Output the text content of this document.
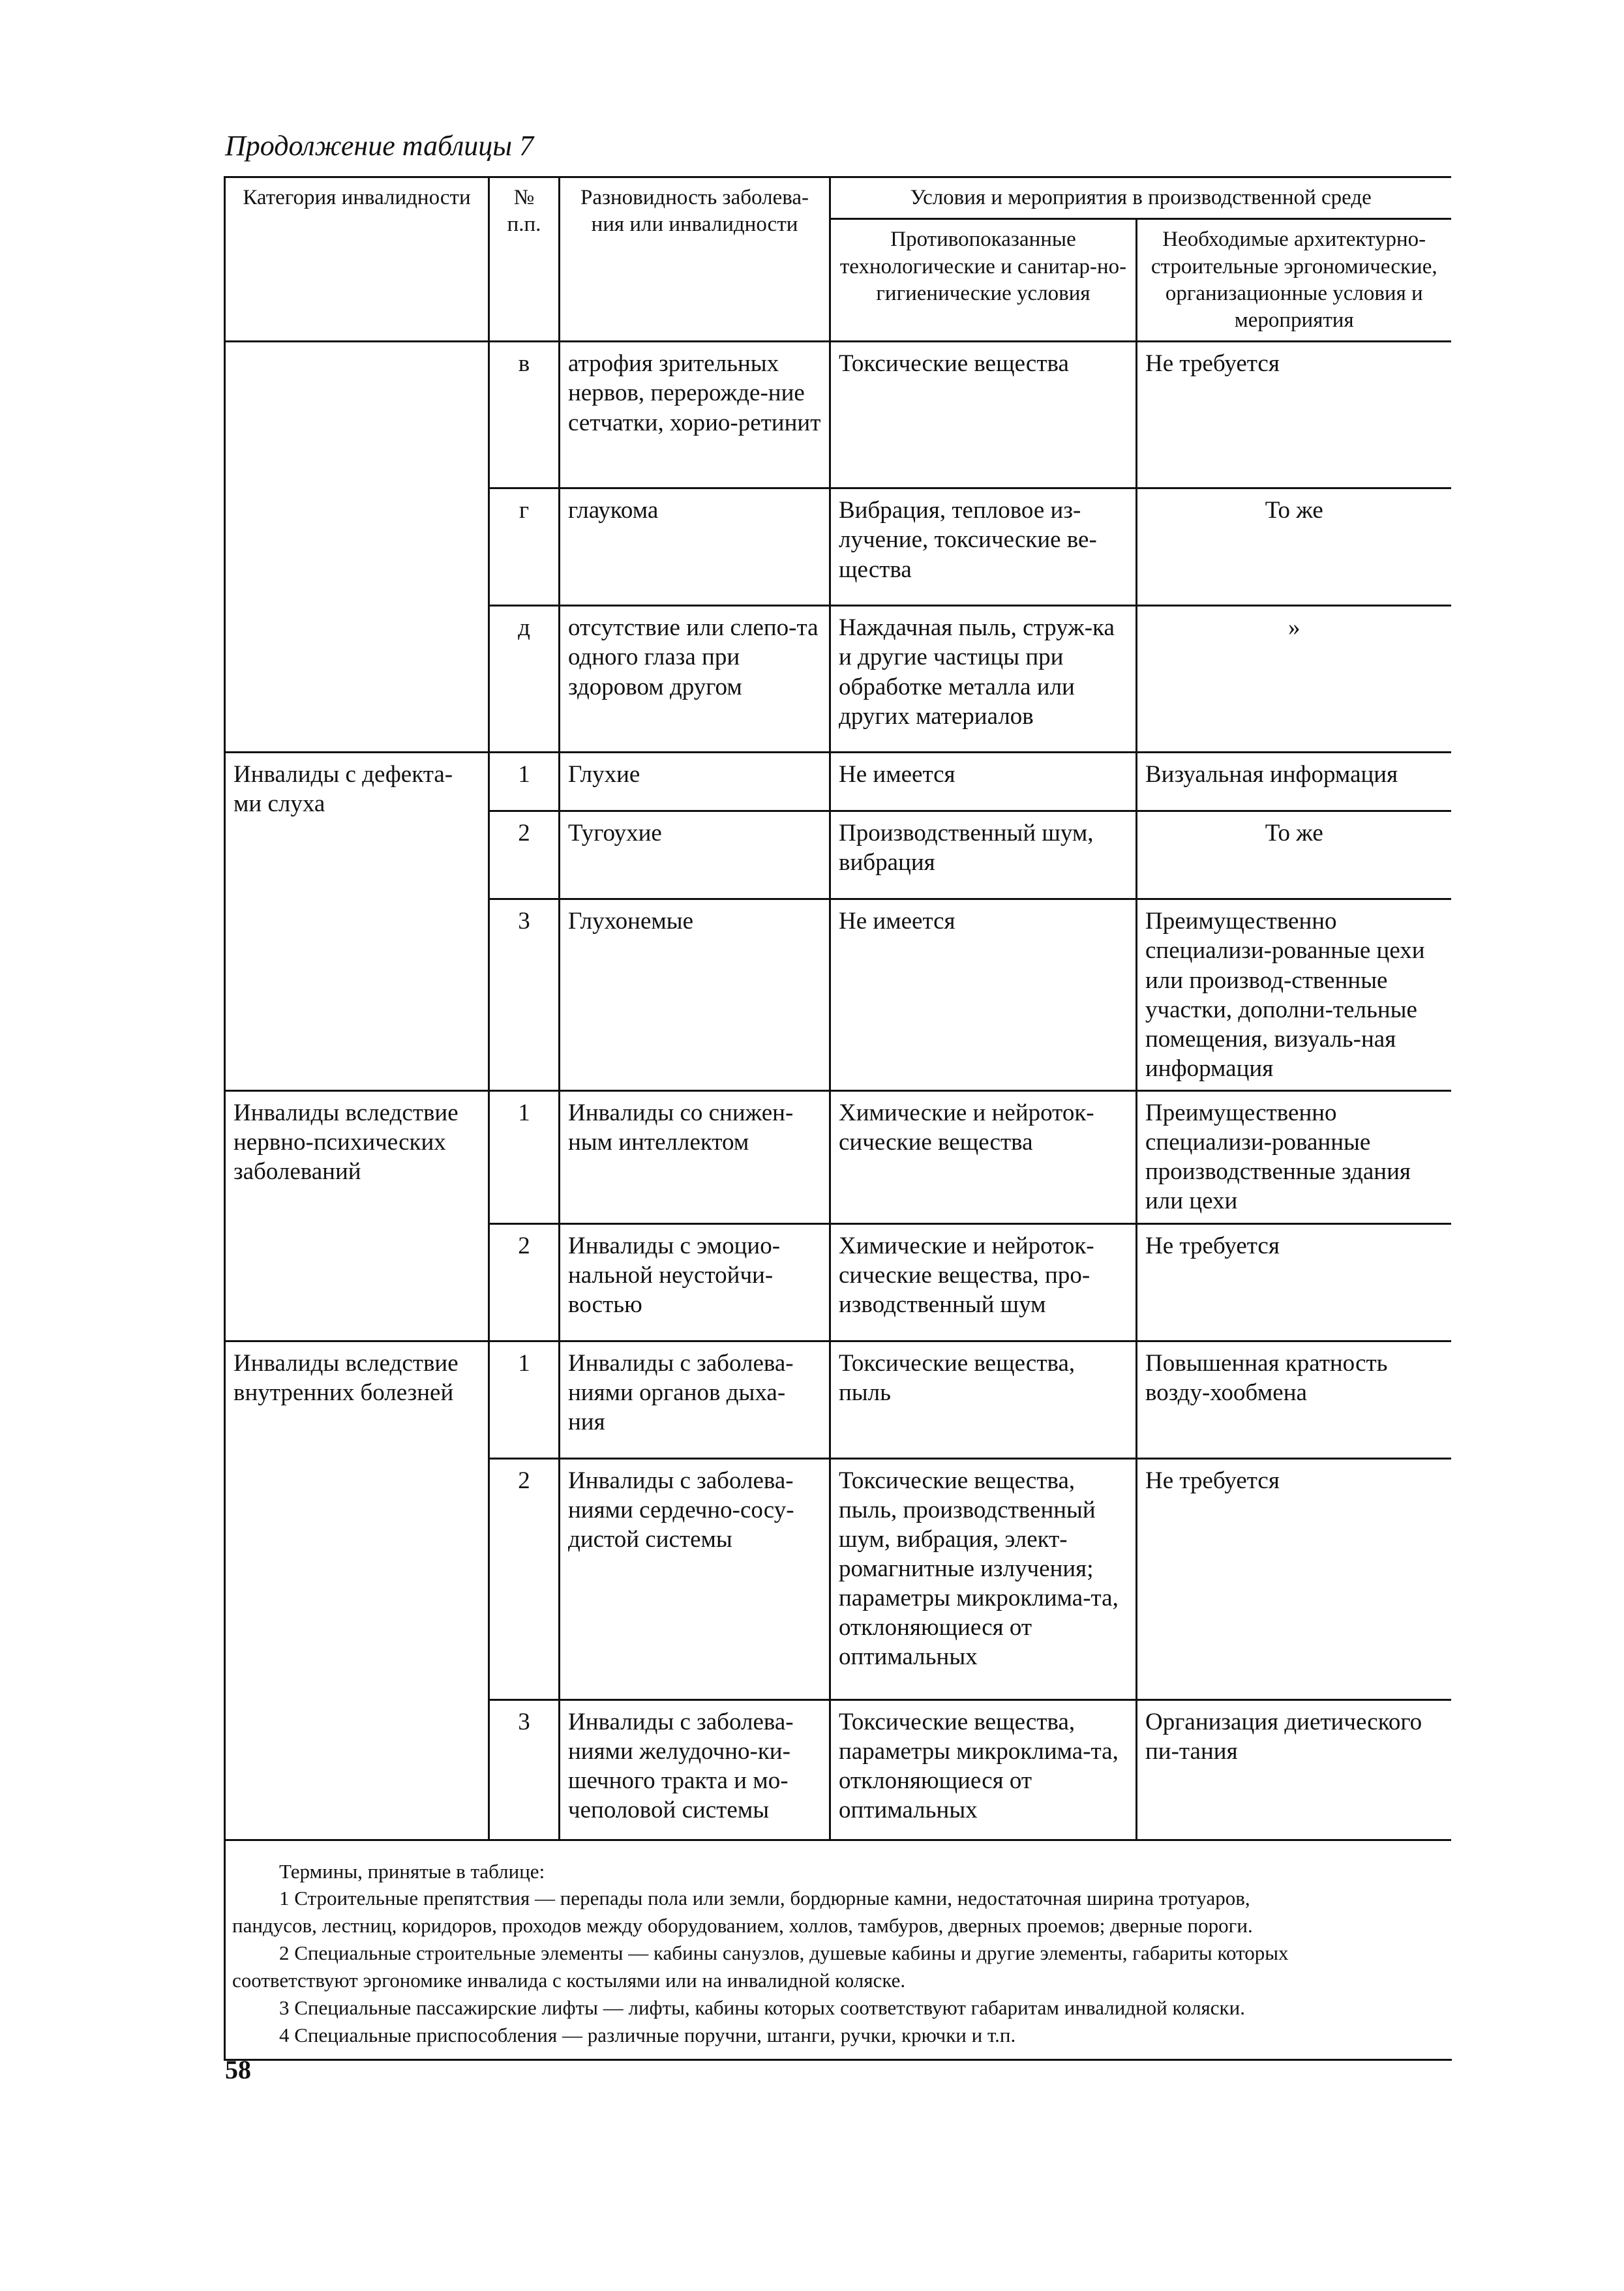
Продолжение таблицы 7
Категория инвалидности	№ п.п.	Разновидность заболева-ния или инвалидности	Условия и мероприятия в производственной среде	
			Противопоказанные технологические и санитар-но-гигиенические условия	Необходимые архитектурно-строительные эргономические, организационные условия и мероприятия
	в	атрофия зрительных нервов, перерожде-ние сетчатки, хорио-ретинит	Токсические вещества	Не требуется
	г	глаукома	Вибрация, тепловое из-лучение, токсические ве-щества	То же
	д	отсутствие или слепо-та одного глаза при здоровом другом	Наждачная пыль, струж-ка и другие частицы при обработке металла или других материалов	»
Инвалиды с дефекта-ми слуха	1	Глухие	Не имеется	Визуальная информация
	2	Тугоухие	Производственный шум, вибрация	То же
	3	Глухонемые	Не имеется	Преимущественно специализи-рованные цехи или производ-ственные участки, дополни-тельные помещения, визуаль-ная информация
Инвалиды вследствие нервно-психических заболеваний	1	Инвалиды со снижен-ным интеллектом	Химические и нейроток-сические вещества	Преимущественно специализи-рованные производственные здания или цехи
	2	Инвалиды с эмоцио-нальной неустойчи-востью	Химические и нейроток-сические вещества, про-изводственный шум	Не требуется
Инвалиды вследствие внутренних болезней	1	Инвалиды с заболева-ниями органов дыха-ния	Токсические вещества, пыль	Повышенная кратность возду-хообмена
	2	Инвалиды с заболева-ниями сердечно-сосу-дистой системы	Токсические вещества, пыль, производственный шум, вибрация, элект-ромагнитные излучения; параметры микроклима-та, отклоняющиеся от оптимальных	Не требуется
	3	Инвалиды с заболева-ниями желудочно-ки-шечного тракта и мо-чеполовой системы	Токсические вещества, параметры микроклима-та, отклоняющиеся от оптимальных	Организация диетического пи-тания
Термины, принятые в таблице:
1 Строительные препятствия — перепады пола или земли, бордюрные камни, недостаточная ширина тротуаров,
пандусов, лестниц, коридоров, проходов между оборудованием, холлов, тамбуров, дверных проемов; дверные пороги.
2 Специальные строительные элементы — кабины санузлов, душевые кабины и другие элементы, габариты которых
соответствуют эргономике инвалида с костылями или на инвалидной коляске.
3 Специальные пассажирские лифты — лифты, кабины которых соответствуют габаритам инвалидной коляски.
4 Специальные приспособления — различные поручни, штанги, ручки, крючки и т.п.
58
